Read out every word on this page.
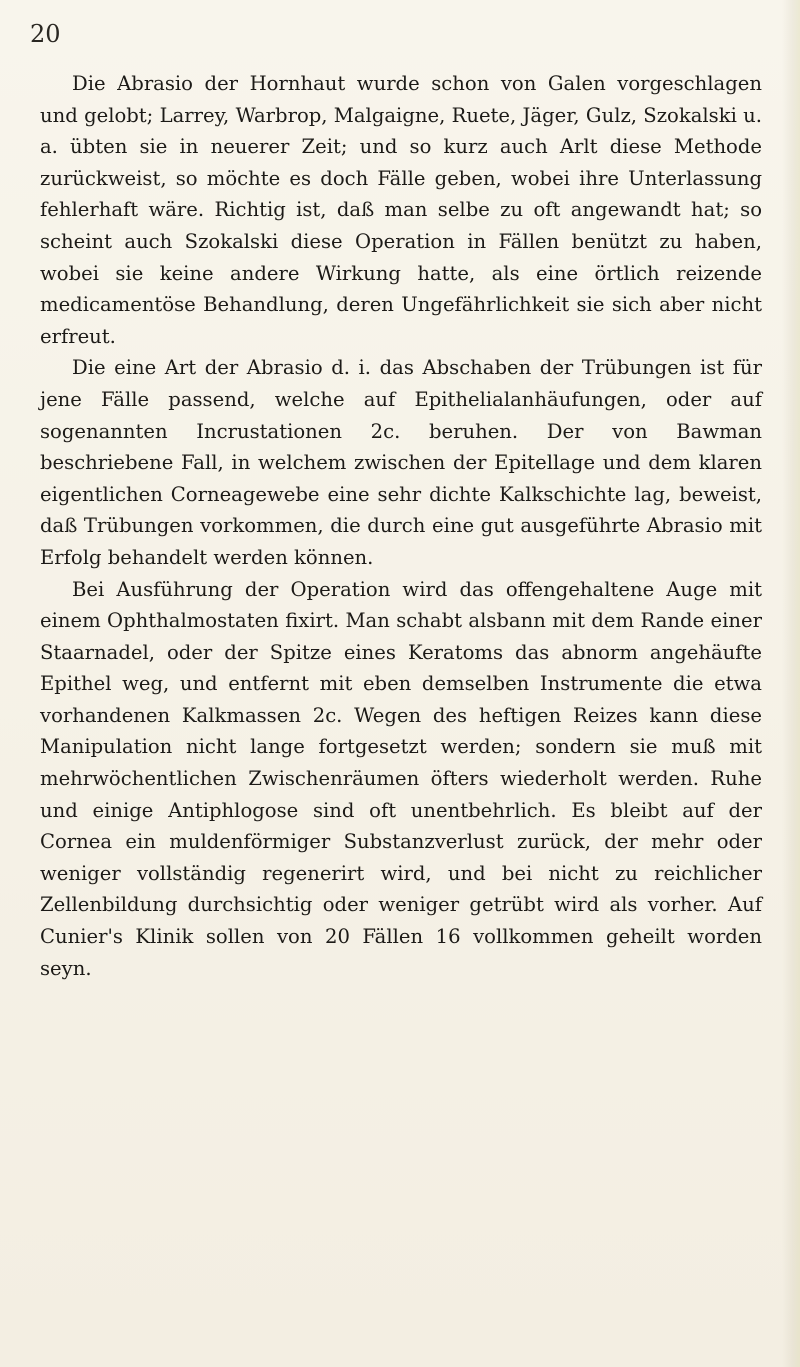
20

Die Abrasio der Hornhaut wurde schon von Galen vorgeschlagen und gelobt; Larrey, Warbrop, Malgaigne, Ruete, Jäger, Gulz, Szokalski u. a. übten sie in neuerer Zeit; und so kurz auch Arlt diese Methode zurückweist, so möchte es doch Fälle geben, wobei ihre Unterlassung fehlerhaft wäre. Richtig ist, daß man selbe zu oft angewandt hat; so scheint auch Szokalski diese Operation in Fällen benützt zu haben, wobei sie keine andere Wirkung hatte, als eine örtlich reizende medicamentöse Behandlung, deren Ungefährlichkeit sie sich aber nicht erfreut.

Die eine Art der Abrasio d. i. das Abschaben der Trübungen ist für jene Fälle passend, welche auf Epithelialanhäufungen, oder auf sogenannten Incrustationen 2c. beruhen. Der von Bawman beschriebene Fall, in welchem zwischen der Epitellage und dem klaren eigentlichen Corneagewebe eine sehr dichte Kalkschichte lag, beweist, daß Trübungen vorkommen, die durch eine gut ausgeführte Abrasio mit Erfolg behandelt werden können.

Bei Ausführung der Operation wird das offengehaltene Auge mit einem Ophthalmostaten fixirt. Man schabt alsbann mit dem Rande einer Staarnadel, oder der Spitze eines Keratoms das abnorm angehäufte Epithel weg, und entfernt mit eben demselben Instrumente die etwa vorhandenen Kalkmassen 2c. Wegen des heftigen Reizes kann diese Manipulation nicht lange fortgesetzt werden; sondern sie muß mit mehrwöchentlichen Zwischenräumen öfters wiederholt werden. Ruhe und einige Antiphlogose sind oft unentbehrlich. Es bleibt auf der Cornea ein muldenförmiger Substanzverlust zurück, der mehr oder weniger vollständig regenerirt wird, und bei nicht zu reichlicher Zellenbildung durchsichtig oder weniger getrübt wird als vorher. Auf Cunier's Klinik sollen von 20 Fällen 16 vollkommen geheilt worden seyn.
